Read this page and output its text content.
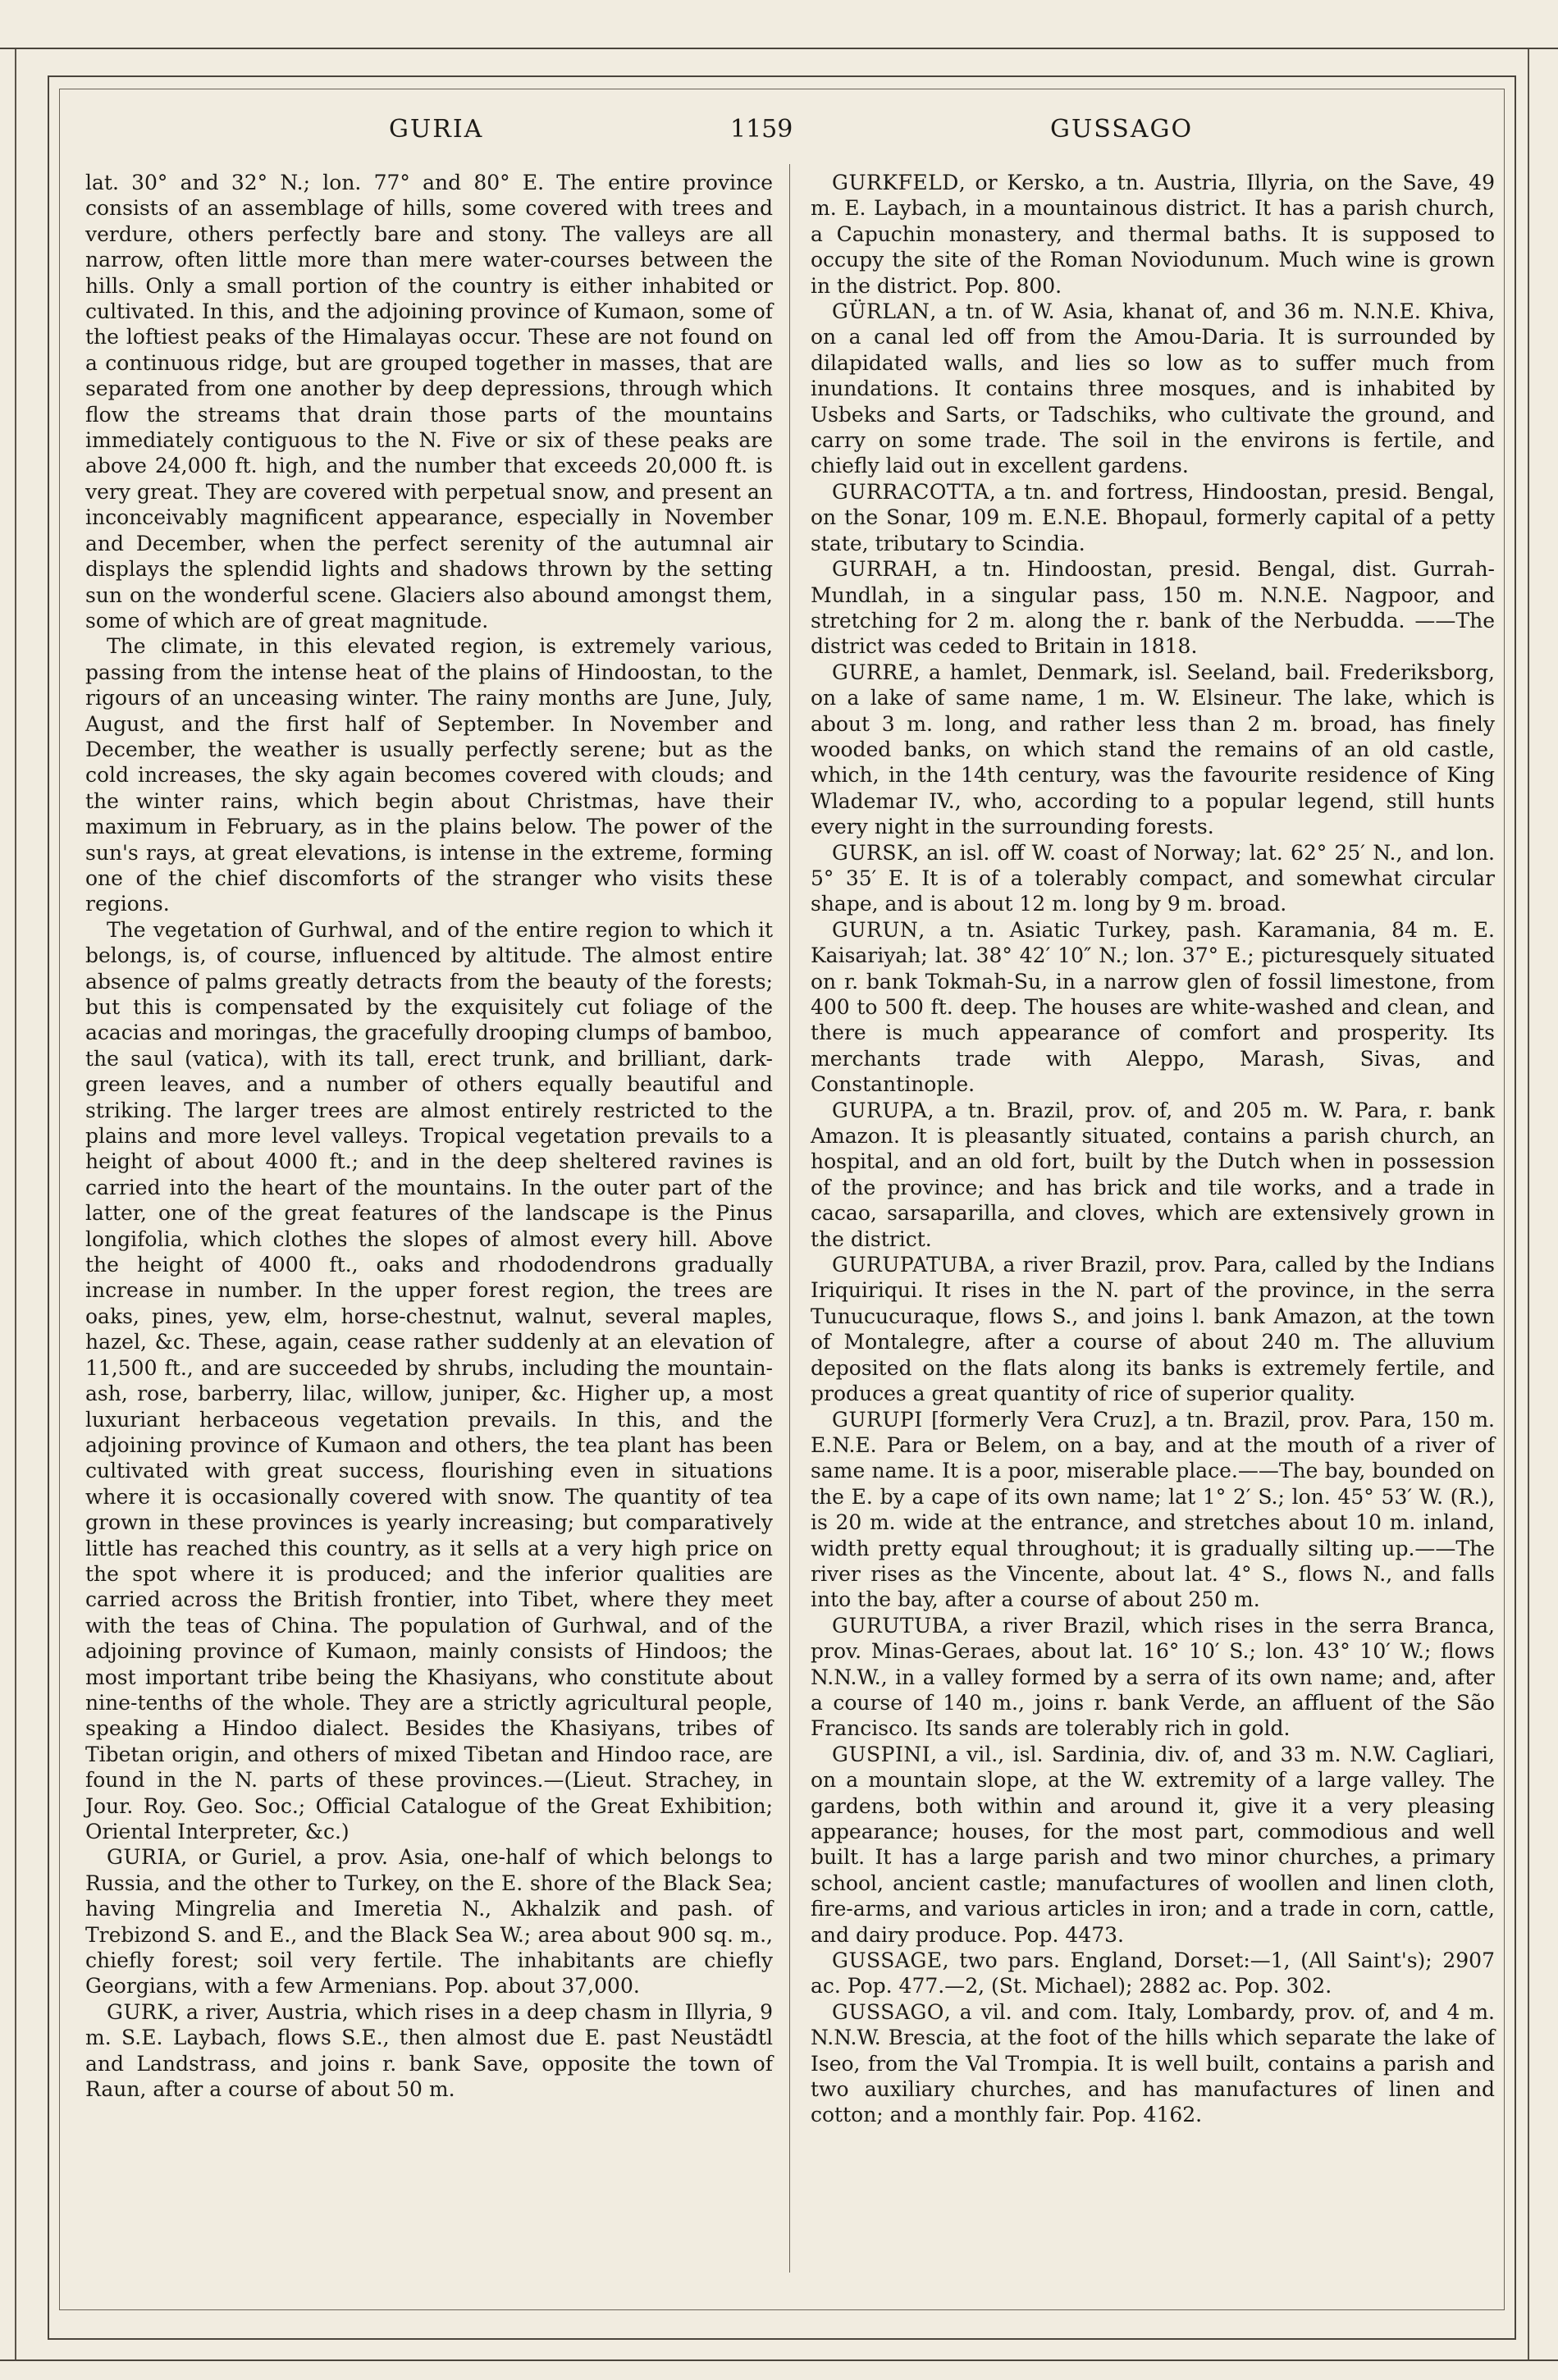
GURIA	1159	GUSSAGO

lat. 30° and 32° N.; lon. 77° and 80° E. The entire province consists of an assemblage of hills, some covered with trees and verdure, others perfectly bare and stony. The valleys are all narrow, often little more than mere water-courses between the hills. Only a small portion of the country is either inhabited or cultivated. In this, and the adjoining province of Kumaon, some of the loftiest peaks of the Himalayas occur. These are not found on a continuous ridge, but are grouped together in masses, that are separated from one another by deep depressions, through which flow the streams that drain those parts of the mountains immediately contiguous to the N. Five or six of these peaks are above 24,000 ft. high, and the number that exceeds 20,000 ft. is very great. They are covered with perpetual snow, and present an inconceivably magnificent appearance, especially in November and December, when the perfect serenity of the autumnal air displays the splendid lights and shadows thrown by the setting sun on the wonderful scene. Glaciers also abound amongst them, some of which are of great magnitude.

The climate, in this elevated region, is extremely various, passing from the intense heat of the plains of Hindoostan, to the rigours of an unceasing winter. The rainy months are June, July, August, and the first half of September. In November and December, the weather is usually perfectly serene; but as the cold increases, the sky again becomes covered with clouds; and the winter rains, which begin about Christmas, have their maximum in February, as in the plains below. The power of the sun's rays, at great elevations, is intense in the extreme, forming one of the chief discomforts of the stranger who visits these regions.

The vegetation of Gurhwal, and of the entire region to which it belongs, is, of course, influenced by altitude. The almost entire absence of palms greatly detracts from the beauty of the forests; but this is compensated by the exquisitely cut foliage of the acacias and moringas, the gracefully drooping clumps of bamboo, the saul (vatica), with its tall, erect trunk, and brilliant, dark-green leaves, and a number of others equally beautiful and striking. The larger trees are almost entirely restricted to the plains and more level valleys. Tropical vegetation prevails to a height of about 4000 ft.; and in the deep sheltered ravines is carried into the heart of the mountains. In the outer part of the latter, one of the great features of the landscape is the Pinus longifolia, which clothes the slopes of almost every hill. Above the height of 4000 ft., oaks and rhododendrons gradually increase in number. In the upper forest region, the trees are oaks, pines, yew, elm, horse-chestnut, walnut, several maples, hazel, &c. These, again, cease rather suddenly at an elevation of 11,500 ft., and are succeeded by shrubs, including the mountain-ash, rose, barberry, lilac, willow, juniper, &c. Higher up, a most luxuriant herbaceous vegetation prevails. In this, and the adjoining province of Kumaon and others, the tea plant has been cultivated with great success, flourishing even in situations where it is occasionally covered with snow. The quantity of tea grown in these provinces is yearly increasing; but comparatively little has reached this country, as it sells at a very high price on the spot where it is produced; and the inferior qualities are carried across the British frontier, into Tibet, where they meet with the teas of China. The population of Gurhwal, and of the adjoining province of Kumaon, mainly consists of Hindoos; the most important tribe being the Khasiyans, who constitute about nine-tenths of the whole. They are a strictly agricultural people, speaking a Hindoo dialect. Besides the Khasiyans, tribes of Tibetan origin, and others of mixed Tibetan and Hindoo race, are found in the N. parts of these provinces.—(Lieut. Strachey, in Jour. Roy. Geo. Soc.; Official Catalogue of the Great Exhibition; Oriental Interpreter, &c.)

GURIA, or Guriel, a prov. Asia, one-half of which belongs to Russia, and the other to Turkey, on the E. shore of the Black Sea; having Mingrelia and Imeretia N., Akhalzik and pash. of Trebizond S. and E., and the Black Sea W.; area about 900 sq. m., chiefly forest; soil very fertile. The inhabitants are chiefly Georgians, with a few Armenians. Pop. about 37,000.

GURK, a river, Austria, which rises in a deep chasm in Illyria, 9 m. S.E. Laybach, flows S.E., then almost due E. past Neustädtl and Landstrass, and joins r. bank Save, opposite the town of Raun, after a course of about 50 m.

GURKFELD, or Kersko, a tn. Austria, Illyria, on the Save, 49 m. E. Laybach, in a mountainous district. It has a parish church, a Capuchin monastery, and thermal baths. It is supposed to occupy the site of the Roman Noviodunum. Much wine is grown in the district. Pop. 800.

GÜRLAN, a tn. of W. Asia, khanat of, and 36 m. N.N.E. Khiva, on a canal led off from the Amou-Daria. It is surrounded by dilapidated walls, and lies so low as to suffer much from inundations. It contains three mosques, and is inhabited by Usbeks and Sarts, or Tadschiks, who cultivate the ground, and carry on some trade. The soil in the environs is fertile, and chiefly laid out in excellent gardens.

GURRACOTTA, a tn. and fortress, Hindoostan, presid. Bengal, on the Sonar, 109 m. E.N.E. Bhopaul, formerly capital of a petty state, tributary to Scindia.

GURRAH, a tn. Hindoostan, presid. Bengal, dist. Gurrah-Mundlah, in a singular pass, 150 m. N.N.E. Nagpoor, and stretching for 2 m. along the r. bank of the Nerbudda. ——The district was ceded to Britain in 1818.

GURRE, a hamlet, Denmark, isl. Seeland, bail. Frederiksborg, on a lake of same name, 1 m. W. Elsineur. The lake, which is about 3 m. long, and rather less than 2 m. broad, has finely wooded banks, on which stand the remains of an old castle, which, in the 14th century, was the favourite residence of King Wlademar IV., who, according to a popular legend, still hunts every night in the surrounding forests.

GURSK, an isl. off W. coast of Norway; lat. 62° 25′ N., and lon. 5° 35′ E. It is of a tolerably compact, and somewhat circular shape, and is about 12 m. long by 9 m. broad.

GURUN, a tn. Asiatic Turkey, pash. Karamania, 84 m. E. Kaisariyah; lat. 38° 42′ 10″ N.; lon. 37° E.; picturesquely situated on r. bank Tokmah-Su, in a narrow glen of fossil limestone, from 400 to 500 ft. deep. The houses are white-washed and clean, and there is much appearance of comfort and prosperity. Its merchants trade with Aleppo, Marash, Sivas, and Constantinople.

GURUPA, a tn. Brazil, prov. of, and 205 m. W. Para, r. bank Amazon. It is pleasantly situated, contains a parish church, an hospital, and an old fort, built by the Dutch when in possession of the province; and has brick and tile works, and a trade in cacao, sarsaparilla, and cloves, which are extensively grown in the district.

GURUPATUBA, a river Brazil, prov. Para, called by the Indians Iriquiriqui. It rises in the N. part of the province, in the serra Tunucucuraque, flows S., and joins l. bank Amazon, at the town of Montalegre, after a course of about 240 m. The alluvium deposited on the flats along its banks is extremely fertile, and produces a great quantity of rice of superior quality.

GURUPI [formerly Vera Cruz], a tn. Brazil, prov. Para, 150 m. E.N.E. Para or Belem, on a bay, and at the mouth of a river of same name. It is a poor, miserable place.——The bay, bounded on the E. by a cape of its own name; lat 1° 2′ S.; lon. 45° 53′ W. (R.), is 20 m. wide at the entrance, and stretches about 10 m. inland, width pretty equal throughout; it is gradually silting up.——The river rises as the Vincente, about lat. 4° S., flows N., and falls into the bay, after a course of about 250 m.

GURUTUBA, a river Brazil, which rises in the serra Branca, prov. Minas-Geraes, about lat. 16° 10′ S.; lon. 43° 10′ W.; flows N.N.W., in a valley formed by a serra of its own name; and, after a course of 140 m., joins r. bank Verde, an affluent of the São Francisco. Its sands are tolerably rich in gold.

GUSPINI, a vil., isl. Sardinia, div. of, and 33 m. N.W. Cagliari, on a mountain slope, at the W. extremity of a large valley. The gardens, both within and around it, give it a very pleasing appearance; houses, for the most part, commodious and well built. It has a large parish and two minor churches, a primary school, ancient castle; manufactures of woollen and linen cloth, fire-arms, and various articles in iron; and a trade in corn, cattle, and dairy produce. Pop. 4473.

GUSSAGE, two pars. England, Dorset:—1, (All Saint's); 2907 ac. Pop. 477.—2, (St. Michael); 2882 ac. Pop. 302.

GUSSAGO, a vil. and com. Italy, Lombardy, prov. of, and 4 m. N.N.W. Brescia, at the foot of the hills which separate the lake of Iseo, from the Val Trompia. It is well built, contains a parish and two auxiliary churches, and has manufactures of linen and cotton; and a monthly fair. Pop. 4162.
